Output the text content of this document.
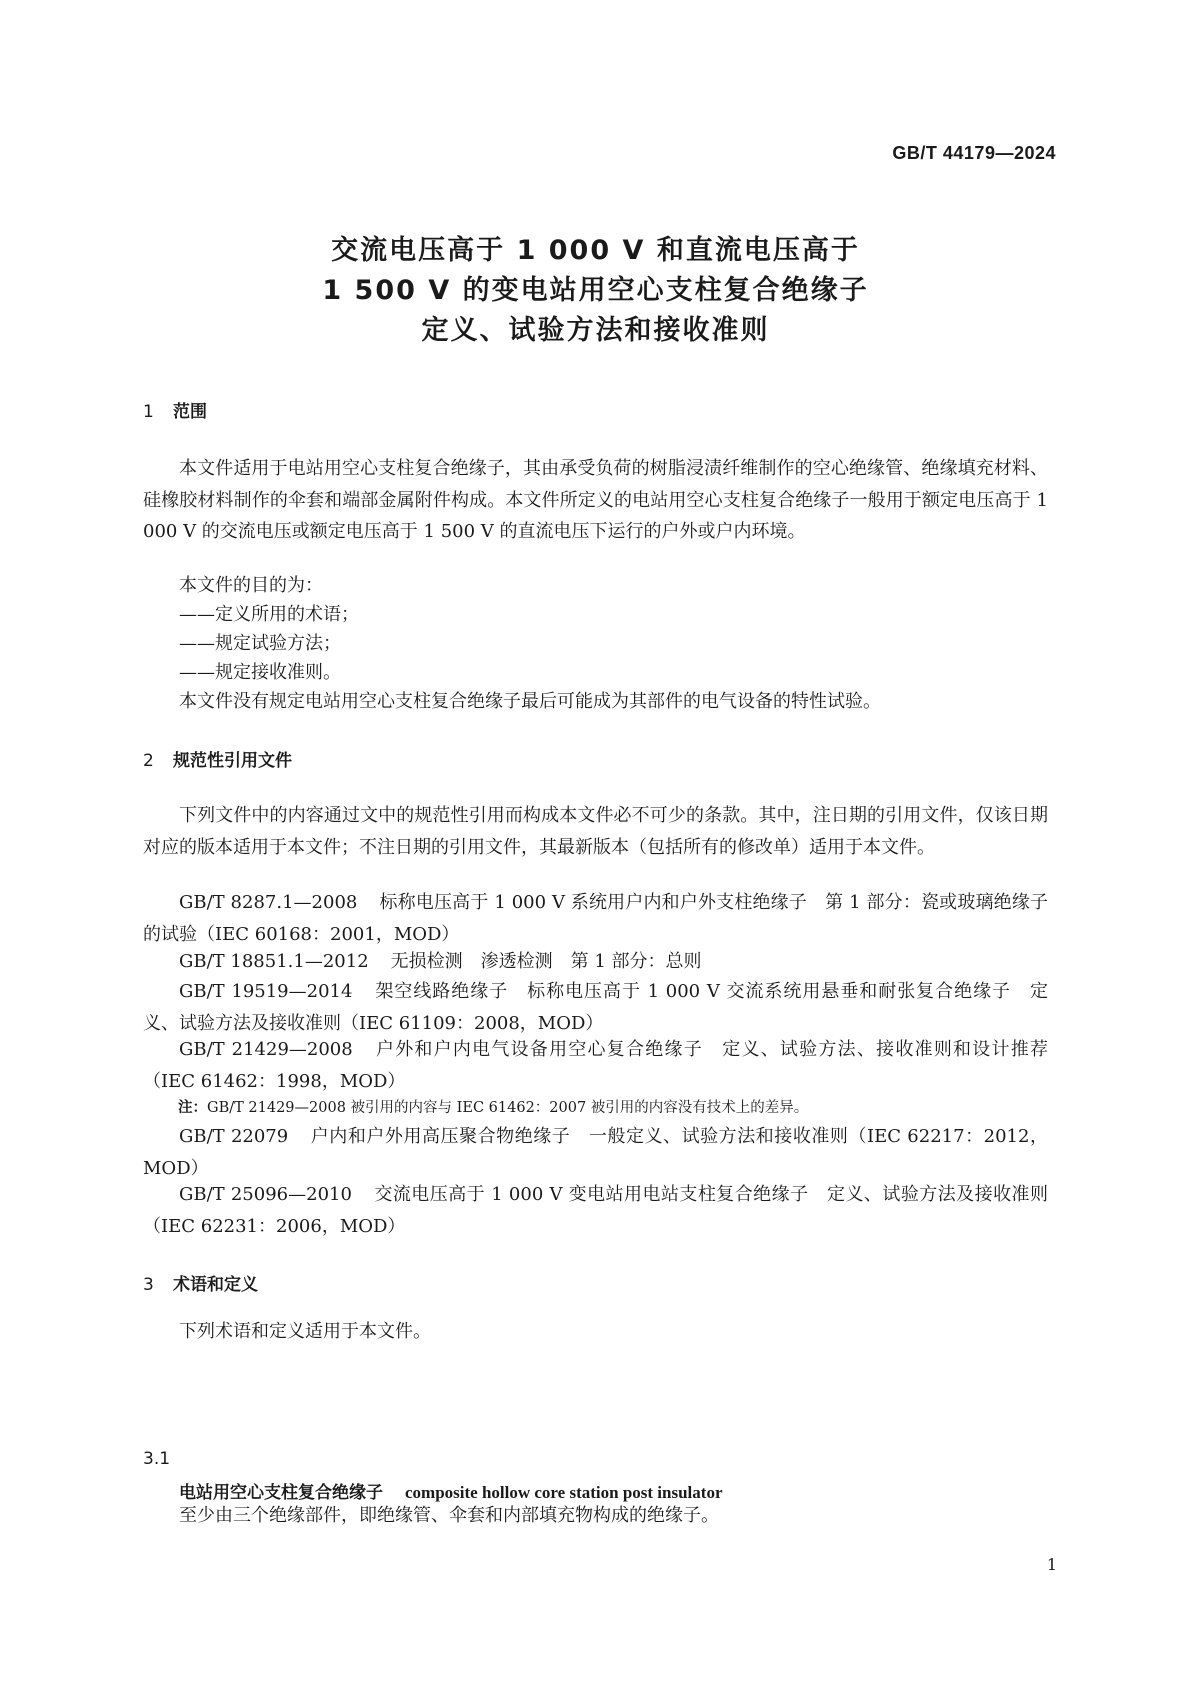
GB/T 44179—2024
交流电压高于 1 000 V 和直流电压高于
1 500 V 的变电站用空心支柱复合绝缘子
定义、试验方法和接收准则
1 范围
本文件适用于电站用空心支柱复合绝缘子，其由承受负荷的树脂浸渍纤维制作的空心绝缘管、绝缘填充材料、硅橡胶材料制作的伞套和端部金属附件构成。本文件所定义的电站用空心支柱复合绝缘子一般用于额定电压高于 1 000 V 的交流电压或额定电压高于 1 500 V 的直流电压下运行的户外或户内环境。
本文件的目的为：
——定义所用的术语；
——规定试验方法；
——规定接收准则。
本文件没有规定电站用空心支柱复合绝缘子最后可能成为其部件的电气设备的特性试验。
2 规范性引用文件
下列文件中的内容通过文中的规范性引用而构成本文件必不可少的条款。其中，注日期的引用文件，仅该日期对应的版本适用于本文件；不注日期的引用文件，其最新版本（包括所有的修改单）适用于本文件。
GB/T 8287.1—2008 标称电压高于 1 000 V 系统用户内和户外支柱绝缘子　第 1 部分：瓷或玻璃绝缘子的试验（IEC 60168：2001，MOD）
GB/T 18851.1—2012 无损检测　渗透检测　第 1 部分：总则
GB/T 19519—2014 架空线路绝缘子　标称电压高于 1 000 V 交流系统用悬垂和耐张复合绝缘子　定义、试验方法及接收准则（IEC 61109：2008，MOD）
GB/T 21429—2008 户外和户内电气设备用空心复合绝缘子　定义、试验方法、接收准则和设计推荐（IEC 61462：1998，MOD）
注：GB/T 21429—2008 被引用的内容与 IEC 61462：2007 被引用的内容没有技术上的差异。
GB/T 22079 户内和户外用高压聚合物绝缘子　一般定义、试验方法和接收准则（IEC 62217：2012，MOD）
GB/T 25096—2010 交流电压高于 1 000 V 变电站用电站支柱复合绝缘子　定义、试验方法及接收准则（IEC 62231：2006，MOD）
3 术语和定义
下列术语和定义适用于本文件。
3.1
电站用空心支柱复合绝缘子 composite hollow core station post insulator
至少由三个绝缘部件，即绝缘管、伞套和内部填充物构成的绝缘子。
1
